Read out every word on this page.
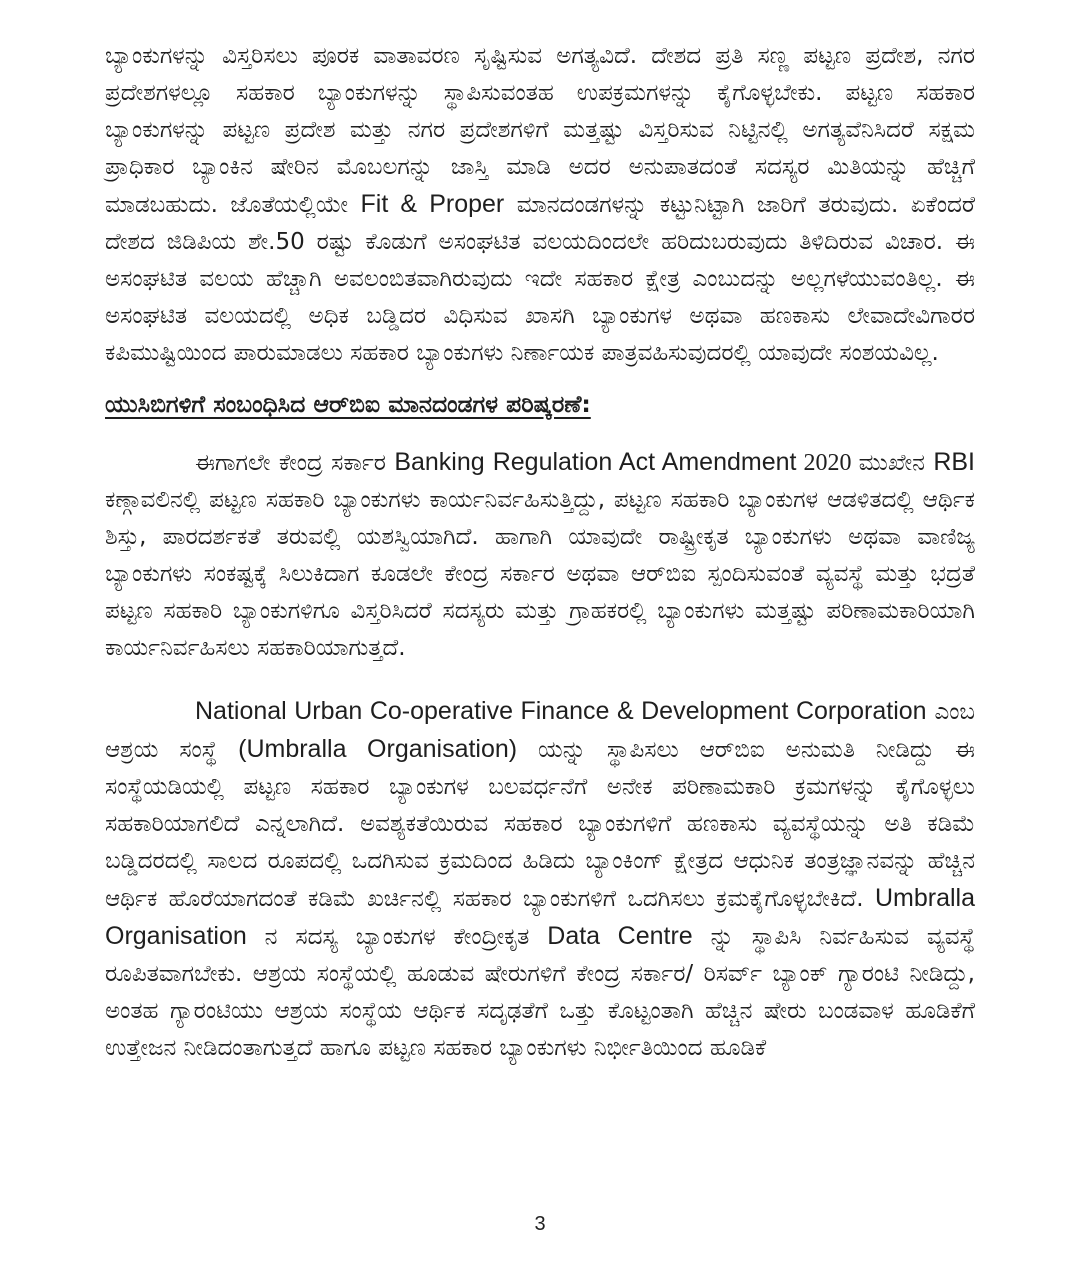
ಬ್ಯಾಂಕುಗಳನ್ನು ವಿಸ್ತರಿಸಲು ಪೂರಕ ವಾತಾವರಣ ಸೃಷ್ಟಿಸುವ ಅಗತ್ಯವಿದೆ. ದೇಶದ ಪ್ರತಿ ಸಣ್ಣ ಪಟ್ಟಣ ಪ್ರದೇಶ, ನಗರ ಪ್ರದೇಶಗಳಲ್ಲೂ ಸಹಕಾರ ಬ್ಯಾಂಕುಗಳನ್ನು ಸ್ಥಾಪಿಸುವಂತಹ ಉಪಕ್ರಮಗಳನ್ನು ಕೈಗೊಳ್ಳಬೇಕು. ಪಟ್ಟಣ ಸಹಕಾರ ಬ್ಯಾಂಕುಗಳನ್ನು ಪಟ್ಟಣ ಪ್ರದೇಶ ಮತ್ತು ನಗರ ಪ್ರದೇಶಗಳಿಗೆ ಮತ್ತಷ್ಟು ವಿಸ್ತರಿಸುವ ನಿಟ್ಟಿನಲ್ಲಿ ಅಗತ್ಯವೆನಿಸಿದರೆ ಸಕ್ಷಮ ಪ್ರಾಧಿಕಾರ ಬ್ಯಾಂಕಿನ ಷೇರಿನ ಮೊಬಲಗನ್ನು ಜಾಸ್ತಿ ಮಾಡಿ ಅದರ ಅನುಪಾತದಂತೆ ಸದಸ್ಯರ ಮಿತಿಯನ್ನು ಹೆಚ್ಚಿಗೆ ಮಾಡಬಹುದು. ಜೊತೆಯಲ್ಲಿಯೇ Fit & Proper ಮಾನದಂಡಗಳನ್ನು ಕಟ್ಟುನಿಟ್ಟಾಗಿ ಜಾರಿಗೆ ತರುವುದು. ಏಕೆಂದರೆ ದೇಶದ ಜಿಡಿಪಿಯ ಶೇ.50 ರಷ್ಟು ಕೊಡುಗೆ ಅಸಂಘಟಿತ ವಲಯದಿಂದಲೇ ಹರಿದುಬರುವುದು ತಿಳಿದಿರುವ ವಿಚಾರ. ಈ ಅಸಂಘಟಿತ ವಲಯ ಹೆಚ್ಚಾಗಿ ಅವಲಂಬಿತವಾಗಿರುವುದು ಇದೇ ಸಹಕಾರ ಕ್ಷೇತ್ರ ಎಂಬುದನ್ನು ಅಲ್ಲಗಳೆಯುವಂತಿಲ್ಲ. ಈ ಅಸಂಘಟಿತ ವಲಯದಲ್ಲಿ ಅಧಿಕ ಬಡ್ಡಿದರ ವಿಧಿಸುವ ಖಾಸಗಿ ಬ್ಯಾಂಕುಗಳ ಅಥವಾ ಹಣಕಾಸು ಲೇವಾದೇವಿಗಾರರ ಕಪಿಮುಷ್ಟಿಯಿಂದ ಪಾರುಮಾಡಲು ಸಹಕಾರ ಬ್ಯಾಂಕುಗಳು ನಿರ್ಣಾಯಕ ಪಾತ್ರವಹಿಸುವುದರಲ್ಲಿ ಯಾವುದೇ ಸಂಶಯವಿಲ್ಲ.

ಯುಸಿಬಿಗಳಿಗೆ ಸಂಬಂಧಿಸಿದ ಆರ್‌ಬಿಐ ಮಾನದಂಡಗಳ ಪರಿಷ್ಕರಣೆ:

ಈಗಾಗಲೇ ಕೇಂದ್ರ ಸರ್ಕಾರ Banking Regulation Act Amendment 2020 ಮುಖೇನ RBI ಕಣ್ಗಾವಲಿನಲ್ಲಿ ಪಟ್ಟಣ ಸಹಕಾರಿ ಬ್ಯಾಂಕುಗಳು ಕಾರ್ಯನಿರ್ವಹಿಸುತ್ತಿದ್ದು, ಪಟ್ಟಣ ಸಹಕಾರಿ ಬ್ಯಾಂಕುಗಳ ಆಡಳಿತದಲ್ಲಿ ಆರ್ಥಿಕ ಶಿಸ್ತು, ಪಾರದರ್ಶಕತೆ ತರುವಲ್ಲಿ ಯಶಸ್ವಿಯಾಗಿದೆ. ಹಾಗಾಗಿ ಯಾವುದೇ ರಾಷ್ಟ್ರೀಕೃತ ಬ್ಯಾಂಕುಗಳು ಅಥವಾ ವಾಣಿಜ್ಯ ಬ್ಯಾಂಕುಗಳು ಸಂಕಷ್ಟಕ್ಕೆ ಸಿಲುಕಿದಾಗ ಕೂಡಲೇ ಕೇಂದ್ರ ಸರ್ಕಾರ ಅಥವಾ ಆರ್‌ಬಿಐ ಸ್ಪಂದಿಸುವಂತೆ ವ್ಯವಸ್ಥೆ ಮತ್ತು ಭದ್ರತೆ ಪಟ್ಟಣ ಸಹಕಾರಿ ಬ್ಯಾಂಕುಗಳಿಗೂ ವಿಸ್ತರಿಸಿದರೆ ಸದಸ್ಯರು ಮತ್ತು ಗ್ರಾಹಕರಲ್ಲಿ ಬ್ಯಾಂಕುಗಳು ಮತ್ತಷ್ಟು ಪರಿಣಾಮಕಾರಿಯಾಗಿ ಕಾರ್ಯನಿರ್ವಹಿಸಲು ಸಹಕಾರಿಯಾಗುತ್ತದೆ.

National Urban Co-operative Finance & Development Corporation ಎಂಬ ಆಶ್ರಯ ಸಂಸ್ಥೆ (Umbralla Organisation) ಯನ್ನು ಸ್ಥಾಪಿಸಲು ಆರ್‌ಬಿಐ ಅನುಮತಿ ನೀಡಿದ್ದು ಈ ಸಂಸ್ಥೆಯಡಿಯಲ್ಲಿ ಪಟ್ಟಣ ಸಹಕಾರ ಬ್ಯಾಂಕುಗಳ ಬಲವರ್ಧನೆಗೆ ಅನೇಕ ಪರಿಣಾಮಕಾರಿ ಕ್ರಮಗಳನ್ನು ಕೈಗೊಳ್ಳಲು ಸಹಕಾರಿಯಾಗಲಿದೆ ಎನ್ನಲಾಗಿದೆ. ಅವಶ್ಯಕತೆಯಿರುವ ಸಹಕಾರ ಬ್ಯಾಂಕುಗಳಿಗೆ ಹಣಕಾಸು ವ್ಯವಸ್ಥೆಯನ್ನು ಅತಿ ಕಡಿಮೆ ಬಡ್ಡಿದರದಲ್ಲಿ ಸಾಲದ ರೂಪದಲ್ಲಿ ಒದಗಿಸುವ ಕ್ರಮದಿಂದ ಹಿಡಿದು ಬ್ಯಾಂಕಿಂಗ್ ಕ್ಷೇತ್ರದ ಆಧುನಿಕ ತಂತ್ರಜ್ಞಾನವನ್ನು ಹೆಚ್ಚಿನ ಆರ್ಥಿಕ ಹೊರೆಯಾಗದಂತೆ ಕಡಿಮೆ ಖರ್ಚಿನಲ್ಲಿ ಸಹಕಾರ ಬ್ಯಾಂಕುಗಳಿಗೆ ಒದಗಿಸಲು ಕ್ರಮಕೈಗೊಳ್ಳಬೇಕಿದೆ. Umbralla Organisation ನ ಸದಸ್ಯ ಬ್ಯಾಂಕುಗಳ ಕೇಂದ್ರೀಕೃತ Data Centre ನ್ನು ಸ್ಥಾಪಿಸಿ ನಿರ್ವಹಿಸುವ ವ್ಯವಸ್ಥೆ ರೂಪಿತವಾಗಬೇಕು. ಆಶ್ರಯ ಸಂಸ್ಥೆಯಲ್ಲಿ ಹೂಡುವ ಷೇರುಗಳಿಗೆ ಕೇಂದ್ರ ಸರ್ಕಾರ/ ರಿಸರ್ವ್ ಬ್ಯಾಂಕ್ ಗ್ಯಾರಂಟಿ ನೀಡಿದ್ದು, ಅಂತಹ ಗ್ಯಾರಂಟಿಯು ಆಶ್ರಯ ಸಂಸ್ಥೆಯ ಆರ್ಥಿಕ ಸದೃಢತೆಗೆ ಒತ್ತು ಕೊಟ್ಟಂತಾಗಿ ಹೆಚ್ಚಿನ ಷೇರು ಬಂಡವಾಳ ಹೂಡಿಕೆಗೆ ಉತ್ತೇಜನ ನೀಡಿದಂತಾಗುತ್ತದೆ ಹಾಗೂ ಪಟ್ಟಣ ಸಹಕಾರ ಬ್ಯಾಂಕುಗಳು ನಿರ್ಭೀತಿಯಿಂದ ಹೂಡಿಕೆ

3
